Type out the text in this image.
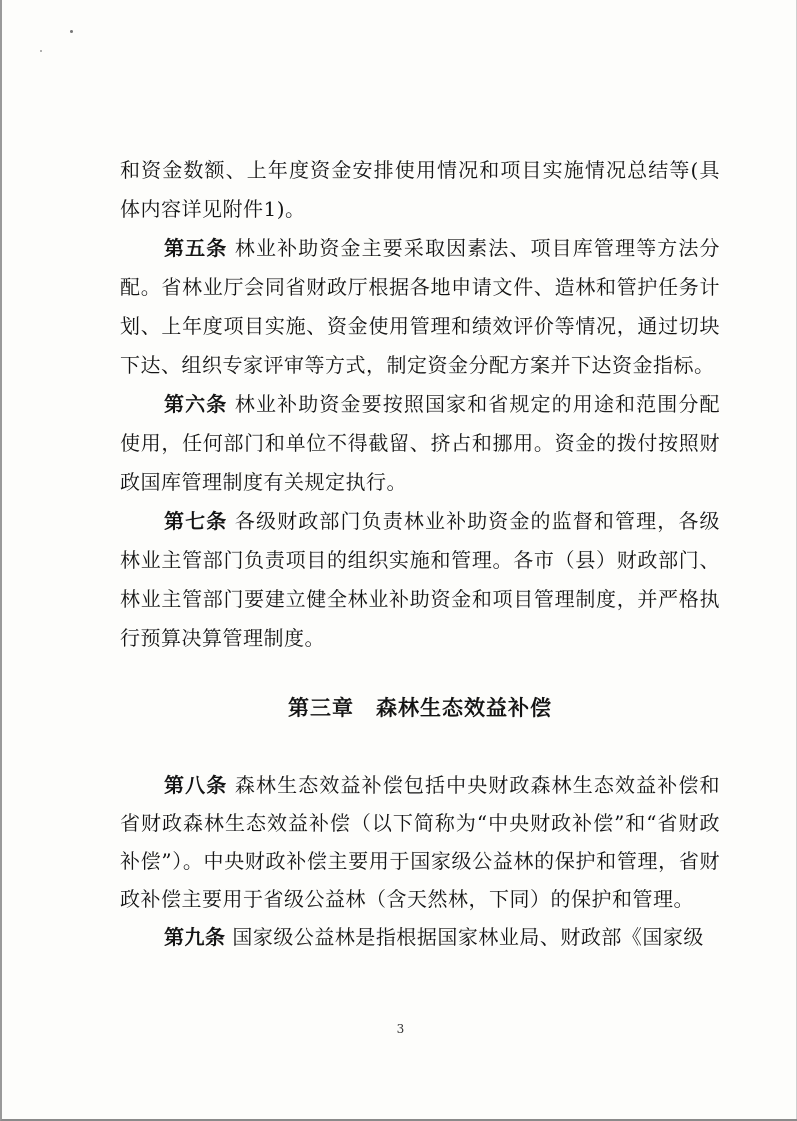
和资金数额、上年度资金安排使用情况和项目实施情况总结等(具体内容详见附件1)。

第五条 林业补助资金主要采取因素法、项目库管理等方法分配。省林业厅会同省财政厅根据各地申请文件、造林和管护任务计划、上年度项目实施、资金使用管理和绩效评价等情况，通过切块下达、组织专家评审等方式，制定资金分配方案并下达资金指标。

第六条 林业补助资金要按照国家和省规定的用途和范围分配使用，任何部门和单位不得截留、挤占和挪用。资金的拨付按照财政国库管理制度有关规定执行。

第七条 各级财政部门负责林业补助资金的监督和管理，各级林业主管部门负责项目的组织实施和管理。各市（县）财政部门、林业主管部门要建立健全林业补助资金和项目管理制度，并严格执行预算决算管理制度。

第三章 森林生态效益补偿

第八条 森林生态效益补偿包括中央财政森林生态效益补偿和省财政森林生态效益补偿（以下简称为“中央财政补偿”和“省财政补偿”）。中央财政补偿主要用于国家级公益林的保护和管理，省财政补偿主要用于省级公益林（含天然林，下同）的保护和管理。

第九条 国家级公益林是指根据国家林业局、财政部《国家级

3
